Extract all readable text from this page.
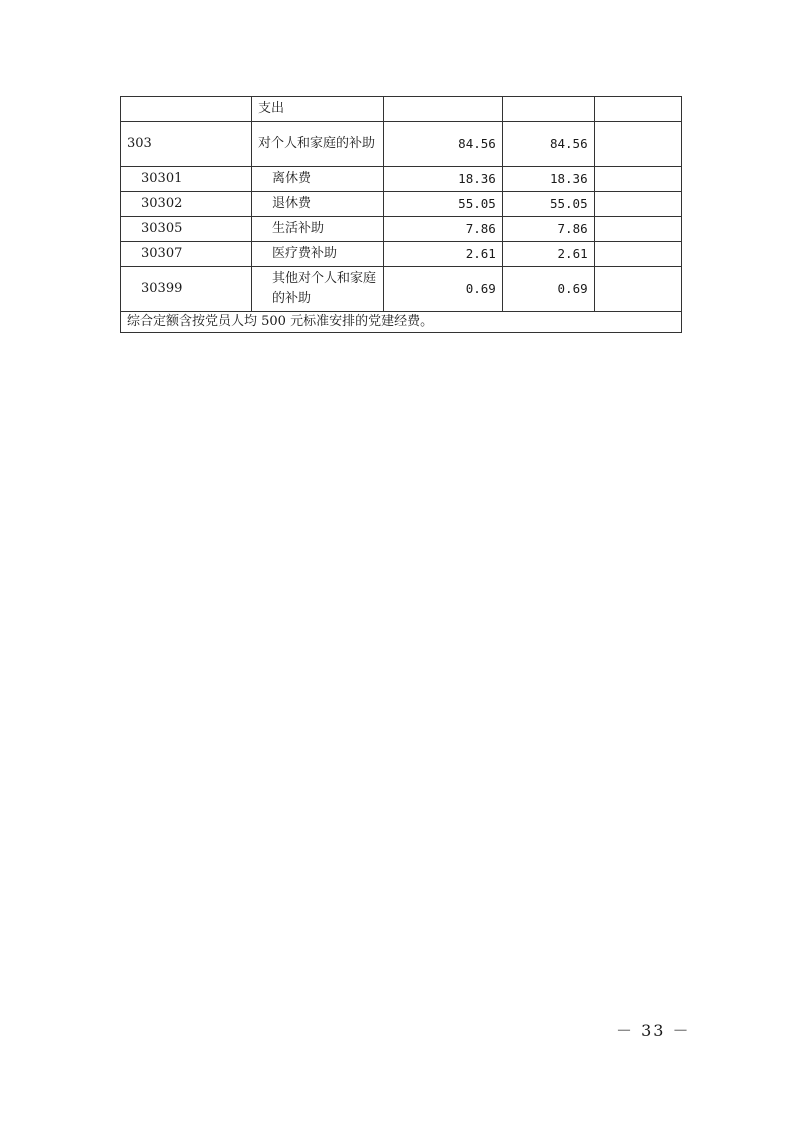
	支出			
303	对个人和家庭的补助	84.56	84.56	
30301	离休费	18.36	18.36	
30302	退休费	55.05	55.05	
30305	生活补助	7.86	7.86	
30307	医疗费补助	2.61	2.61	
30399	其他对个人和家庭的补助	0.69	0.69	
综合定额含按党员人均 500 元标准安排的党建经费。				
－ 33 －
